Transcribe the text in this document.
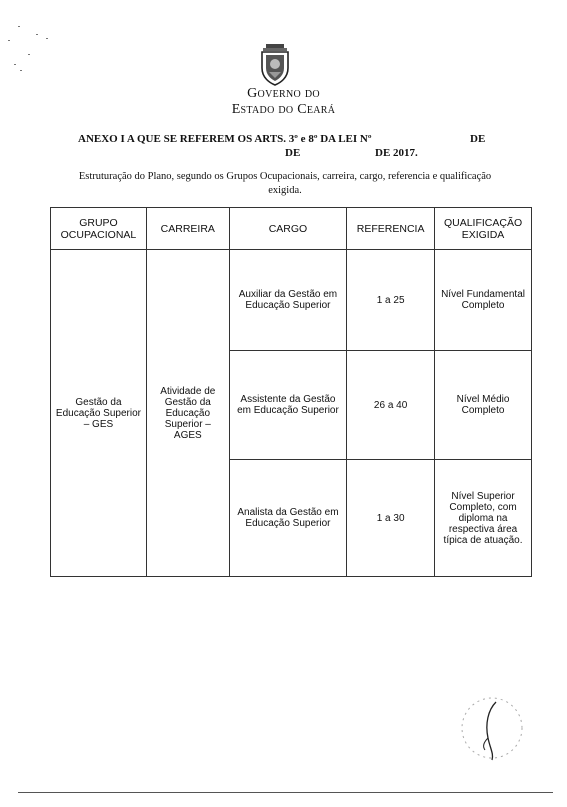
Governo do
Estado do Ceará
ANEXO I A QUE SE REFEREM OS ARTS. 3º e 8º DA LEI Nº	DE
DE	DE 2017.
Estruturação do Plano, segundo os Grupos Ocupacionais, carreira, cargo, referencia e qualificação exigida.
GRUPO OCUPACIONAL	CARREIRA	CARGO	REFERENCIA	QUALIFICAÇÃO EXIGIDA
Gestão da Educação Superior – GES	Atividade de Gestão da Educação Superior – AGES	Auxiliar da Gestão em Educação Superior	1 a 25	Nível Fundamental Completo
		Assistente da Gestão em Educação Superior	26 a 40	Nível Médio Completo
		Analista da Gestão em Educação Superior	1 a 30	Nível Superior Completo, com diploma na respectiva área típica de atuação.
